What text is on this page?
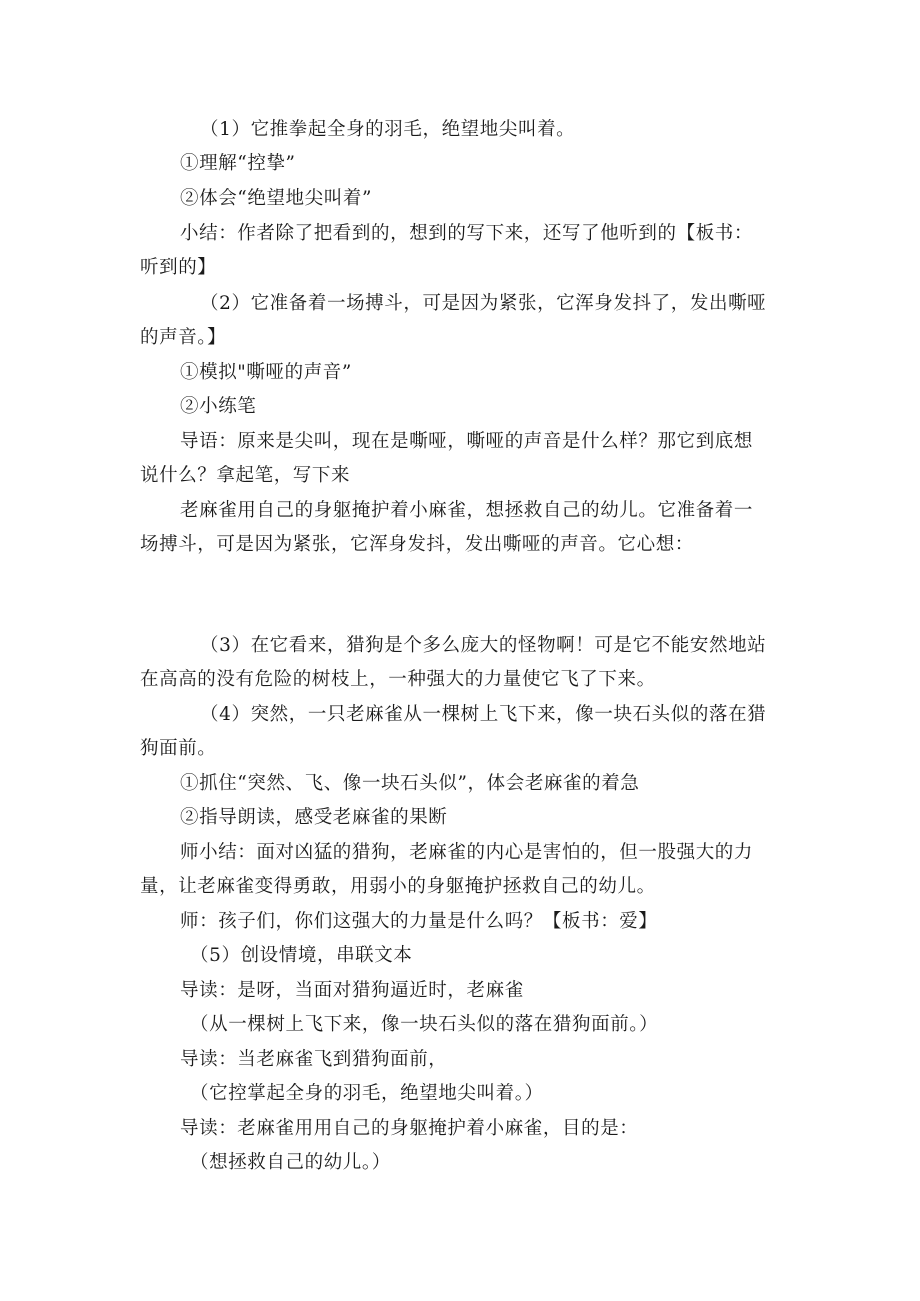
（1）它推拳起全身的羽毛，绝望地尖叫着。
①理解“控挚”
②体会“绝望地尖叫着”
小结：作者除了把看到的，想到的写下来，还写了他听到的【板书：
听到的】
（2）它准备着一场搏斗，可是因为紧张，它浑身发抖了，发出嘶哑
的声音。】
①模拟"嘶哑的声音”
②小练笔
导语：原来是尖叫，现在是嘶哑，嘶哑的声音是什么样？那它到底想
说什么？拿起笔，写下来
老麻雀用自己的身躯掩护着小麻雀，想拯救自己的幼儿。它准备着一
场搏斗，可是因为紧张，它浑身发抖，发出嘶哑的声音。它心想：
（3）在它看来，猎狗是个多么庞大的怪物啊！可是它不能安然地站
在高高的没有危险的树枝上，一种强大的力量使它飞了下来。
（4）突然，一只老麻雀从一棵树上飞下来，像一块石头似的落在猎
狗面前。
①抓住“突然、飞、像一块石头似”，体会老麻雀的着急
②指导朗读，感受老麻雀的果断
师小结：面对凶猛的猎狗，老麻雀的内心是害怕的，但一股强大的力
量，让老麻雀变得勇敢，用弱小的身躯掩护拯救自己的幼儿。
师：孩子们，你们这强大的力量是什么吗？【板书：爱】
（5）创设情境，串联文本
导读：是呀，当面对猎狗逼近时，老麻雀
（从一棵树上飞下来，像一块石头似的落在猎狗面前。）
导读：当老麻雀飞到猎狗面前，
（它控掌起全身的羽毛，绝望地尖叫着。）
导读：老麻雀用用自己的身躯掩护着小麻雀，目的是：
（想拯救自己的幼儿。）
